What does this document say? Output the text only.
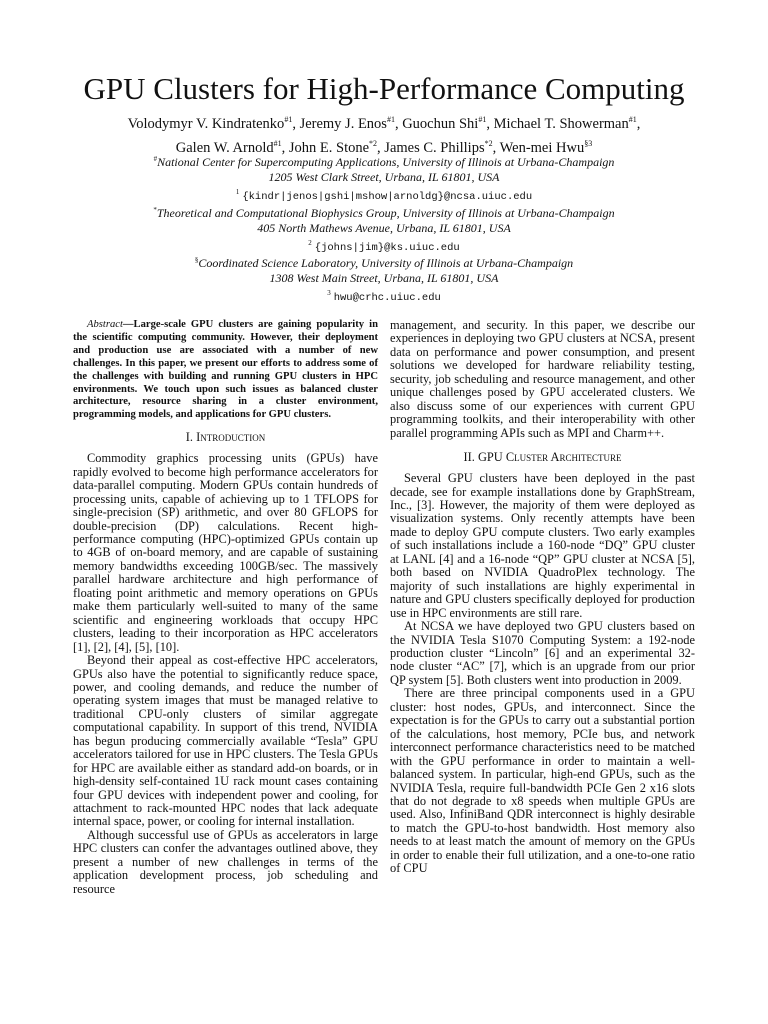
GPU Clusters for High-Performance Computing
Volodymyr V. Kindratenko$^{\#1}$, Jeremy J. Enos$^{\#1}$, Guochun Shi$^{\#1}$, Michael T. Showerman$^{\#1}$,
Galen W. Arnold$^{\#1}$, John E. Stone$^{*2}$, James C. Phillips$^{*2}$, Wen-mei Hwu$^{\S 3}$
#National Center for Supercomputing Applications, University of Illinois at Urbana-Champaign
1205 West Clark Street, Urbana, IL 61801, USA
$^1$ {kindr|jenos|gshi|mshow|arnoldg}@ncsa.uiuc.edu
*Theoretical and Computational Biophysics Group, University of Illinois at Urbana-Champaign
405 North Mathews Avenue, Urbana, IL 61801, USA
$^2$ {johns|jim}@ks.uiuc.edu
§Coordinated Science Laboratory, University of Illinois at Urbana-Champaign
1308 West Main Street, Urbana, IL 61801, USA
$^3$ hwu@crhc.uiuc.edu

Abstract—Large-scale GPU clusters are gaining popularity in the scientific computing community. However, their deployment and production use are associated with a number of new challenges. In this paper, we present our efforts to address some of the challenges with building and running GPU clusters in HPC environments. We touch upon such issues as balanced cluster architecture, resource sharing in a cluster environment, programming models, and applications for GPU clusters.

I. Introduction

Commodity graphics processing units (GPUs) have rapidly evolved to become high performance accelerators for data-parallel computing. Modern GPUs contain hundreds of processing units, capable of achieving up to 1 TFLOPS for single-precision (SP) arithmetic, and over 80 GFLOPS for double-precision (DP) calculations. Recent high-performance computing (HPC)-optimized GPUs contain up to 4GB of on-board memory, and are capable of sustaining memory bandwidths exceeding 100GB/sec. The massively parallel hardware architecture and high performance of floating point arithmetic and memory operations on GPUs make them particularly well-suited to many of the same scientific and engineering workloads that occupy HPC clusters, leading to their incorporation as HPC accelerators [1], [2], [4], [5], [10].

Beyond their appeal as cost-effective HPC accelerators, GPUs also have the potential to significantly reduce space, power, and cooling demands, and reduce the number of operating system images that must be managed relative to traditional CPU-only clusters of similar aggregate computational capability. In support of this trend, NVIDIA has begun producing commercially available “Tesla” GPU accelerators tailored for use in HPC clusters. The Tesla GPUs for HPC are available either as standard add-on boards, or in high-density self-contained 1U rack mount cases containing four GPU devices with independent power and cooling, for attachment to rack-mounted HPC nodes that lack adequate internal space, power, or cooling for internal installation.

Although successful use of GPUs as accelerators in large HPC clusters can confer the advantages outlined above, they present a number of new challenges in terms of the application development process, job scheduling and resource

management, and security. In this paper, we describe our experiences in deploying two GPU clusters at NCSA, present data on performance and power consumption, and present solutions we developed for hardware reliability testing, security, job scheduling and resource management, and other unique challenges posed by GPU accelerated clusters. We also discuss some of our experiences with current GPU programming toolkits, and their interoperability with other parallel programming APIs such as MPI and Charm++.

II. GPU Cluster Architecture

Several GPU clusters have been deployed in the past decade, see for example installations done by GraphStream, Inc., [3]. However, the majority of them were deployed as visualization systems. Only recently attempts have been made to deploy GPU compute clusters. Two early examples of such installations include a 160-node “DQ” GPU cluster at LANL [4] and a 16-node “QP” GPU cluster at NCSA [5], both based on NVIDIA QuadroPlex technology. The majority of such installations are highly experimental in nature and GPU clusters specifically deployed for production use in HPC environments are still rare.

At NCSA we have deployed two GPU clusters based on the NVIDIA Tesla S1070 Computing System: a 192-node production cluster “Lincoln” [6] and an experimental 32-node cluster “AC” [7], which is an upgrade from our prior QP system [5]. Both clusters went into production in 2009.

There are three principal components used in a GPU cluster: host nodes, GPUs, and interconnect. Since the expectation is for the GPUs to carry out a substantial portion of the calculations, host memory, PCIe bus, and network interconnect performance characteristics need to be matched with the GPU performance in order to maintain a well-balanced system. In particular, high-end GPUs, such as the NVIDIA Tesla, require full-bandwidth PCIe Gen 2 x16 slots that do not degrade to x8 speeds when multiple GPUs are used. Also, InfiniBand QDR interconnect is highly desirable to match the GPU-to-host bandwidth. Host memory also needs to at least match the amount of memory on the GPUs in order to enable their full utilization, and a one-to-one ratio of CPU
